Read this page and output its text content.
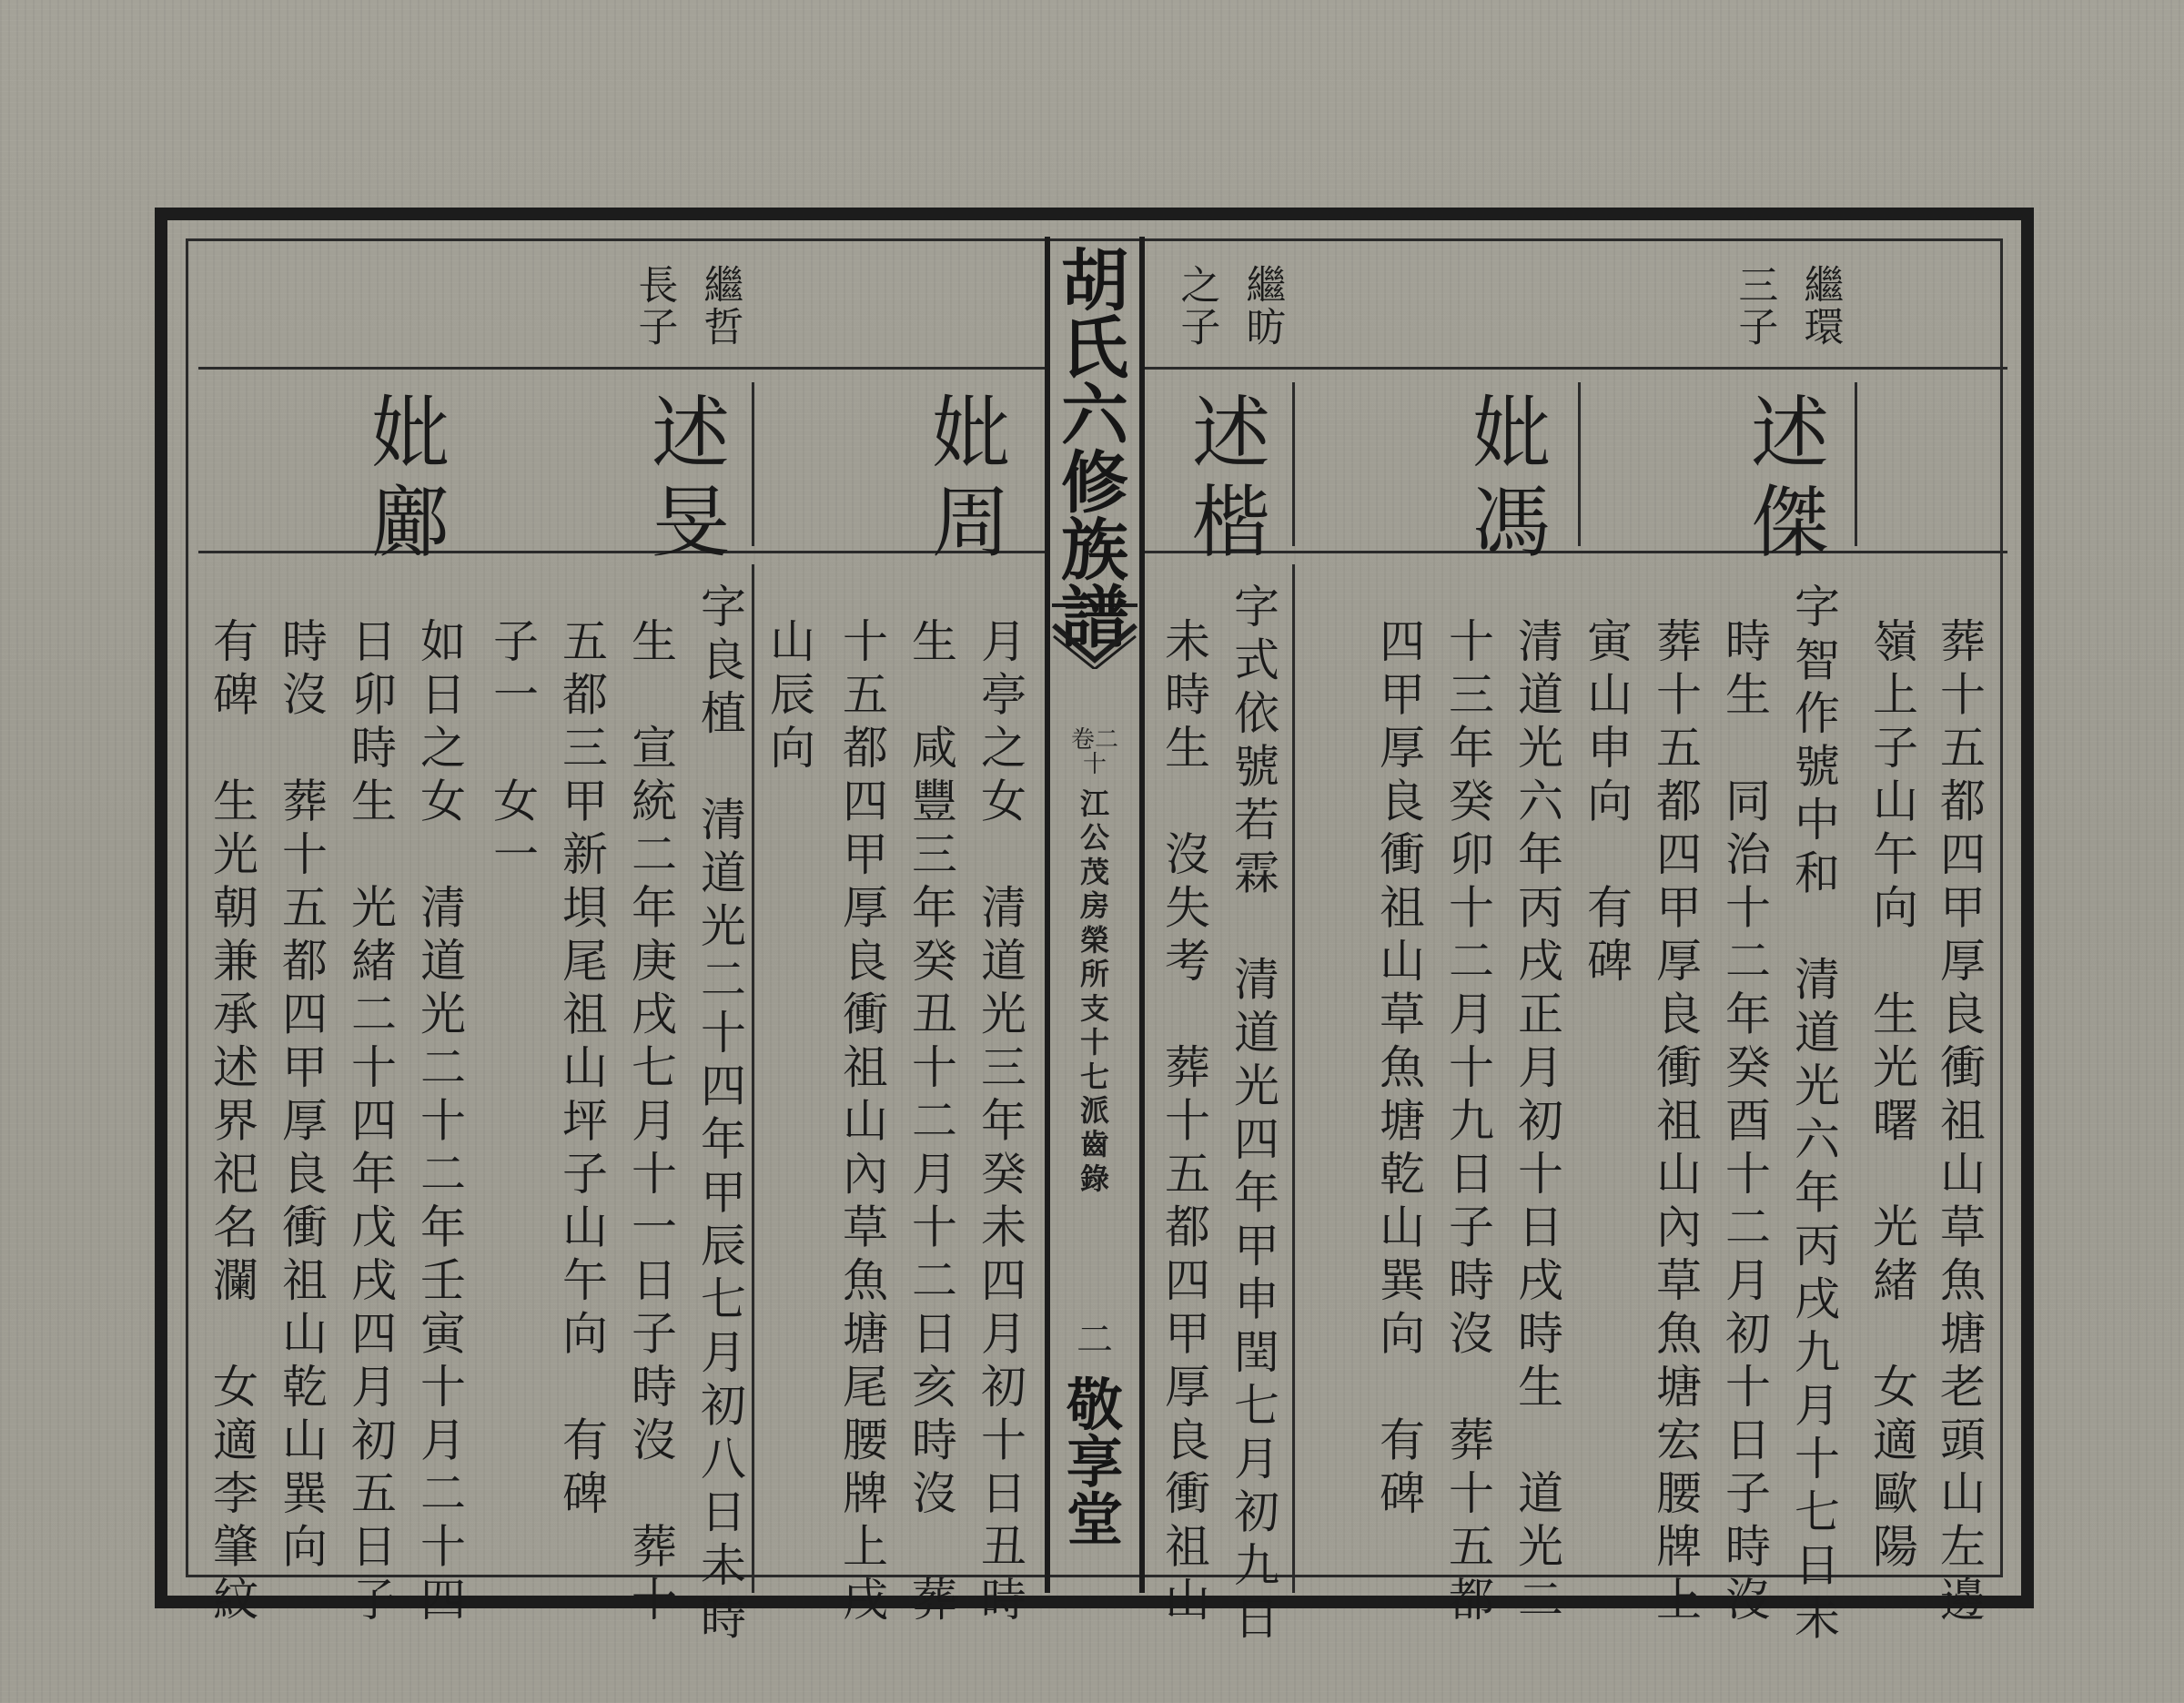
胡
氏
六
修
族
譜
卷二十
江
公
茂
房
榮
所
支
十
七
派
齒
錄
二
敬
享
堂
繼環
三子
繼昉
之子
述傑
妣馮
述楷
葬十五都四甲厚良衝祖山草魚塘老頭山左邊
嶺上子山午向　生光曙　光緒　女適歐陽
字智作號中和　清道光六年丙戌九月十七日未
時生　同治十二年癸酉十二月初十日子時沒
葬十五都四甲厚良衝祖山內草魚塘宏腰牌上
寅山申向　有碑
清道光六年丙戌正月初十日戌時生　道光二
十三年癸卯十二月十九日子時沒　葬十五都
四甲厚良衝祖山草魚塘乾山巽向　有碑
字式依號若霖　清道光四年甲申閏七月初九日
未時生　沒失考　葬十五都四甲厚良衝祖山
繼哲
長子
妣周
述旻
妣鄺
山辰向	月亭之女　清道光三年癸未四月初十日丑時
生　咸豐三年癸丑十二月十二日亥時沒　葬
十五都四甲厚良衝祖山內草魚塘尾腰牌上戌
字良植　清道光二十四年甲辰七月初八日未時
生　宣統二年庚戌七月十一日子時沒　葬十
五都三甲新垻尾祖山坪子山午向　有碑
子一　女一
如日之女　清道光二十二年壬寅十月二十四
日卯時生　光緒二十四年戊戌四月初五日子
時沒　葬十五都四甲厚良衝祖山乾山巽向
有碑　生光朝兼承述界祀名瀾　女適李肇紋
